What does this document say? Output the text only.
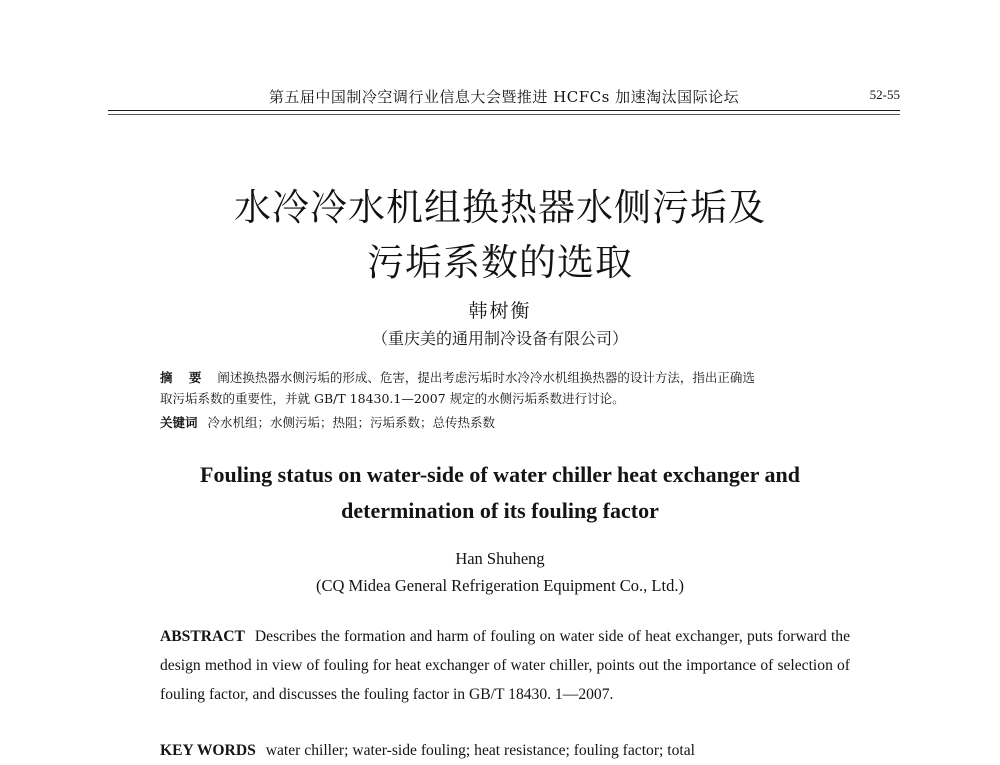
第五届中国制冷空调行业信息大会暨推进 HCFCs 加速淘汰国际论坛	52-55
水冷冷水机组换热器水侧污垢及
污垢系数的选取
韩树衡
（重庆美的通用制冷设备有限公司）
摘 要 阐述换热器水侧污垢的形成、危害，提出考虑污垢时水冷冷水机组换热器的设计方法，指出正确选
取污垢系数的重要性，并就 GB/T 18430.1—2007 规定的水侧污垢系数进行讨论。
关键词 冷水机组；水侧污垢；热阻；污垢系数；总传热系数
Fouling status on water-side of water chiller heat exchanger and
determination of its fouling factor
Han Shuheng
(CQ Midea General Refrigeration Equipment Co., Ltd.)

ABSTRACT Describes the formation and harm of fouling on water side of heat exchanger, puts forward the design method in view of fouling for heat exchanger of water chiller, points out the importance of selection of fouling factor, and discusses the fouling factor in GB/T 18430. 1—2007.

KEY WORDS water chiller; water-side fouling; heat resistance; fouling factor; total
